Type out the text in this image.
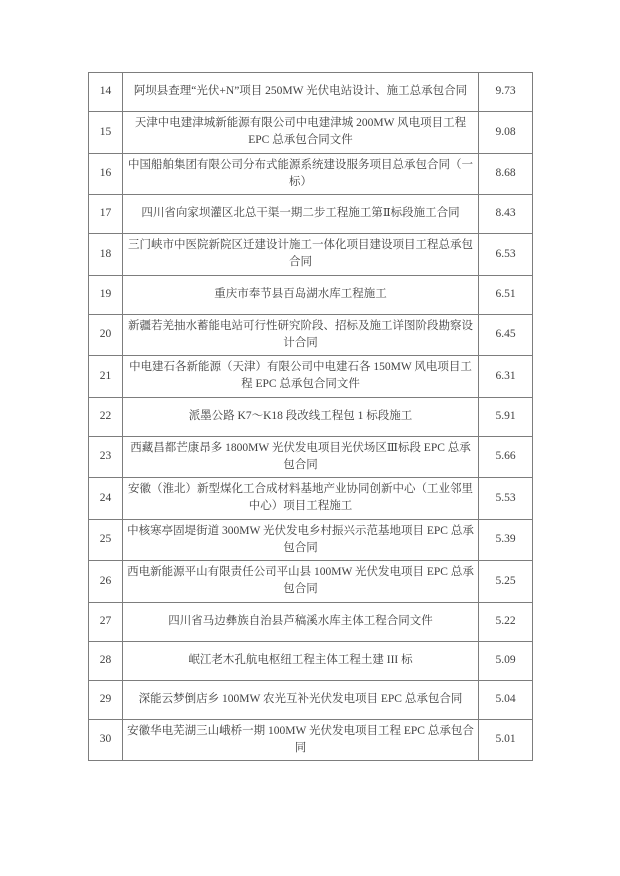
14	阿坝县查理“光伏+N”项目 250MW 光伏电站设计、施工总承包合同	9.73
15	天津中电建津城新能源有限公司中电建津城 200MW 风电项目工程 EPC 总承包合同文件	9.08
16	中国船舶集团有限公司分布式能源系统建设服务项目总承包合同（一标）	8.68
17	四川省向家坝灌区北总干渠一期二步工程施工第Ⅱ标段施工合同	8.43
18	三门峡市中医院新院区迁建设计施工一体化项目建设项目工程总承包合同	6.53
19	重庆市奉节县百岛湖水库工程施工	6.51
20	新疆若羌抽水蓄能电站可行性研究阶段、招标及施工详图阶段勘察设计合同	6.45
21	中电建石各新能源（天津）有限公司中电建石各 150MW 风电项目工程 EPC 总承包合同文件	6.31
22	派墨公路 K7～K18 段改线工程包 1 标段施工	5.91
23	西藏昌都芒康昂多 1800MW 光伏发电项目光伏场区Ⅲ标段 EPC 总承包合同	5.66
24	安徽（淮北）新型煤化工合成材料基地产业协同创新中心（工业邻里中心）项目工程施工	5.53
25	中核寒亭固堤街道 300MW 光伏发电乡村振兴示范基地项目 EPC 总承包合同	5.39
26	西电新能源平山有限责任公司平山县 100MW 光伏发电项目 EPC 总承包合同	5.25
27	四川省马边彝族自治县芦稿溪水库主体工程合同文件	5.22
28	岷江老木孔航电枢纽工程主体工程土建 III 标	5.09
29	深能云梦倒店乡 100MW 农光互补光伏发电项目 EPC 总承包合同	5.04
30	安徽华电芜湖三山峨桥一期 100MW 光伏发电项目工程 EPC 总承包合同	5.01
